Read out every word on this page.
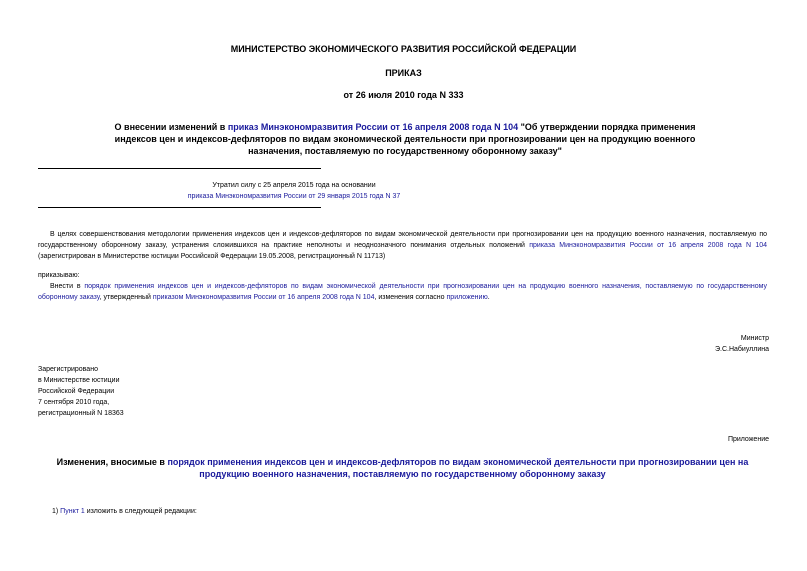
МИНИСТЕРСТВО ЭКОНОМИЧЕСКОГО РАЗВИТИЯ РОССИЙСКОЙ ФЕДЕРАЦИИ
ПРИКАЗ
от 26 июля 2010 года N 333
О внесении изменений в приказ Минэкономразвития России от 16 апреля 2008 года N 104 "Об утверждении порядка применения индексов цен и индексов-дефляторов по видам экономической деятельности при прогнозировании цен на продукцию военного назначения, поставляемую по государственному оборонному заказу"
Утратил силу с 25 апреля 2015 года на основании
приказа Минэкономразвития России от 29 января 2015 года N 37
В целях совершенствования методологии применения индексов цен и индексов-дефляторов по видам экономической деятельности при прогнозировании цен на продукцию военного назначения, поставляемую по государственному оборонному заказу, устранения сложившихся на практике неполноты и неоднозначного понимания отдельных положений приказа Минэкономразвития России от 16 апреля 2008 года N 104 (зарегистрирован в Министерстве юстиции Российской Федерации 19.05.2008, регистрационный N 11713)
приказываю:
Внести в порядок применения индексов цен и индексов-дефляторов по видам экономической деятельности при прогнозировании цен на продукцию военного назначения, поставляемую по государственному оборонному заказу, утвержденный приказом Минэкономразвития России от 16 апреля 2008 года N 104, изменения согласно приложению.
Министр
Э.С.Набиуллина
Зарегистрировано
в Министерстве юстиции
Российской Федерации
7 сентября 2010 года,
регистрационный N 18363
Приложение
Изменения, вносимые в порядок применения индексов цен и индексов-дефляторов по видам экономической деятельности при прогнозировании цен на продукцию военного назначения, поставляемую по государственному оборонному заказу
1) Пункт 1 изложить в следующей редакции:
